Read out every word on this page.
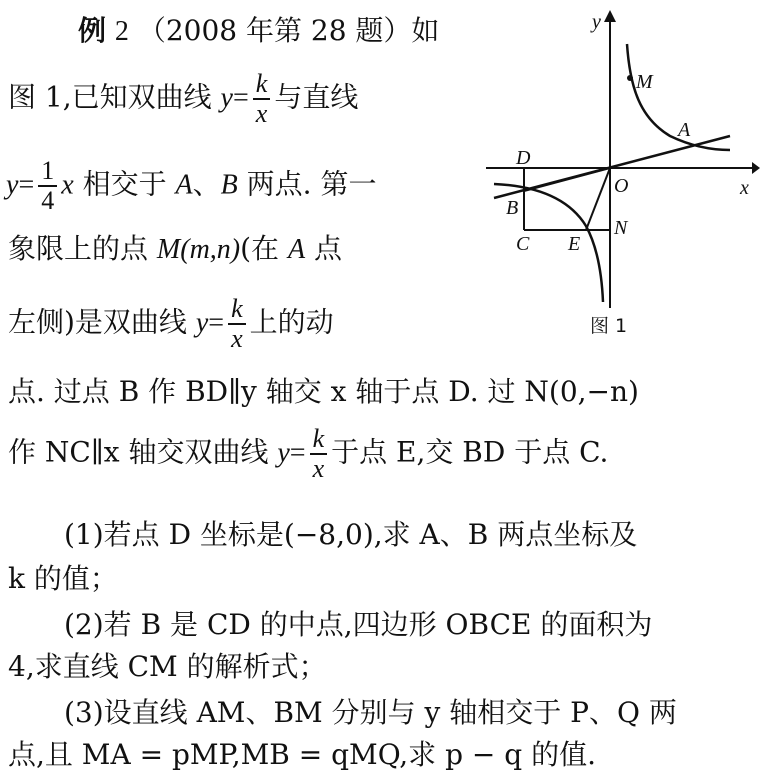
例 2 （2008 年第 28 题）如
图 1,已知双曲线 $y= \frac{k}{x}$ 与直线
$y= \frac{1}{4}$ x 相交于 A、B 两点. 第一
象限上的点 M(m,n)(在 A 点
左侧)是双曲线 $y= \frac{k}{x}$ 上的动
点. 过点 B 作 BD∥y 轴交 x 轴于点 D. 过 N(0,−n)
作 NC∥x 轴交双曲线 $y= \frac{k}{x}$ 于点 E,交 BD 于点 C.
(1)若点 D 坐标是(−8,0),求 A、B 两点坐标及
k 的值；
(2)若 B 是 CD 的中点,四边形 OBCE 的面积为
4,求直线 CM 的解析式；
(3)设直线 AM、BM 分别与 y 轴相交于 P、Q 两
点,且 MA = pMP,MB = qMQ,求 p − q 的值.
y
x
M
A
D
O
B
C E
N
图 1
